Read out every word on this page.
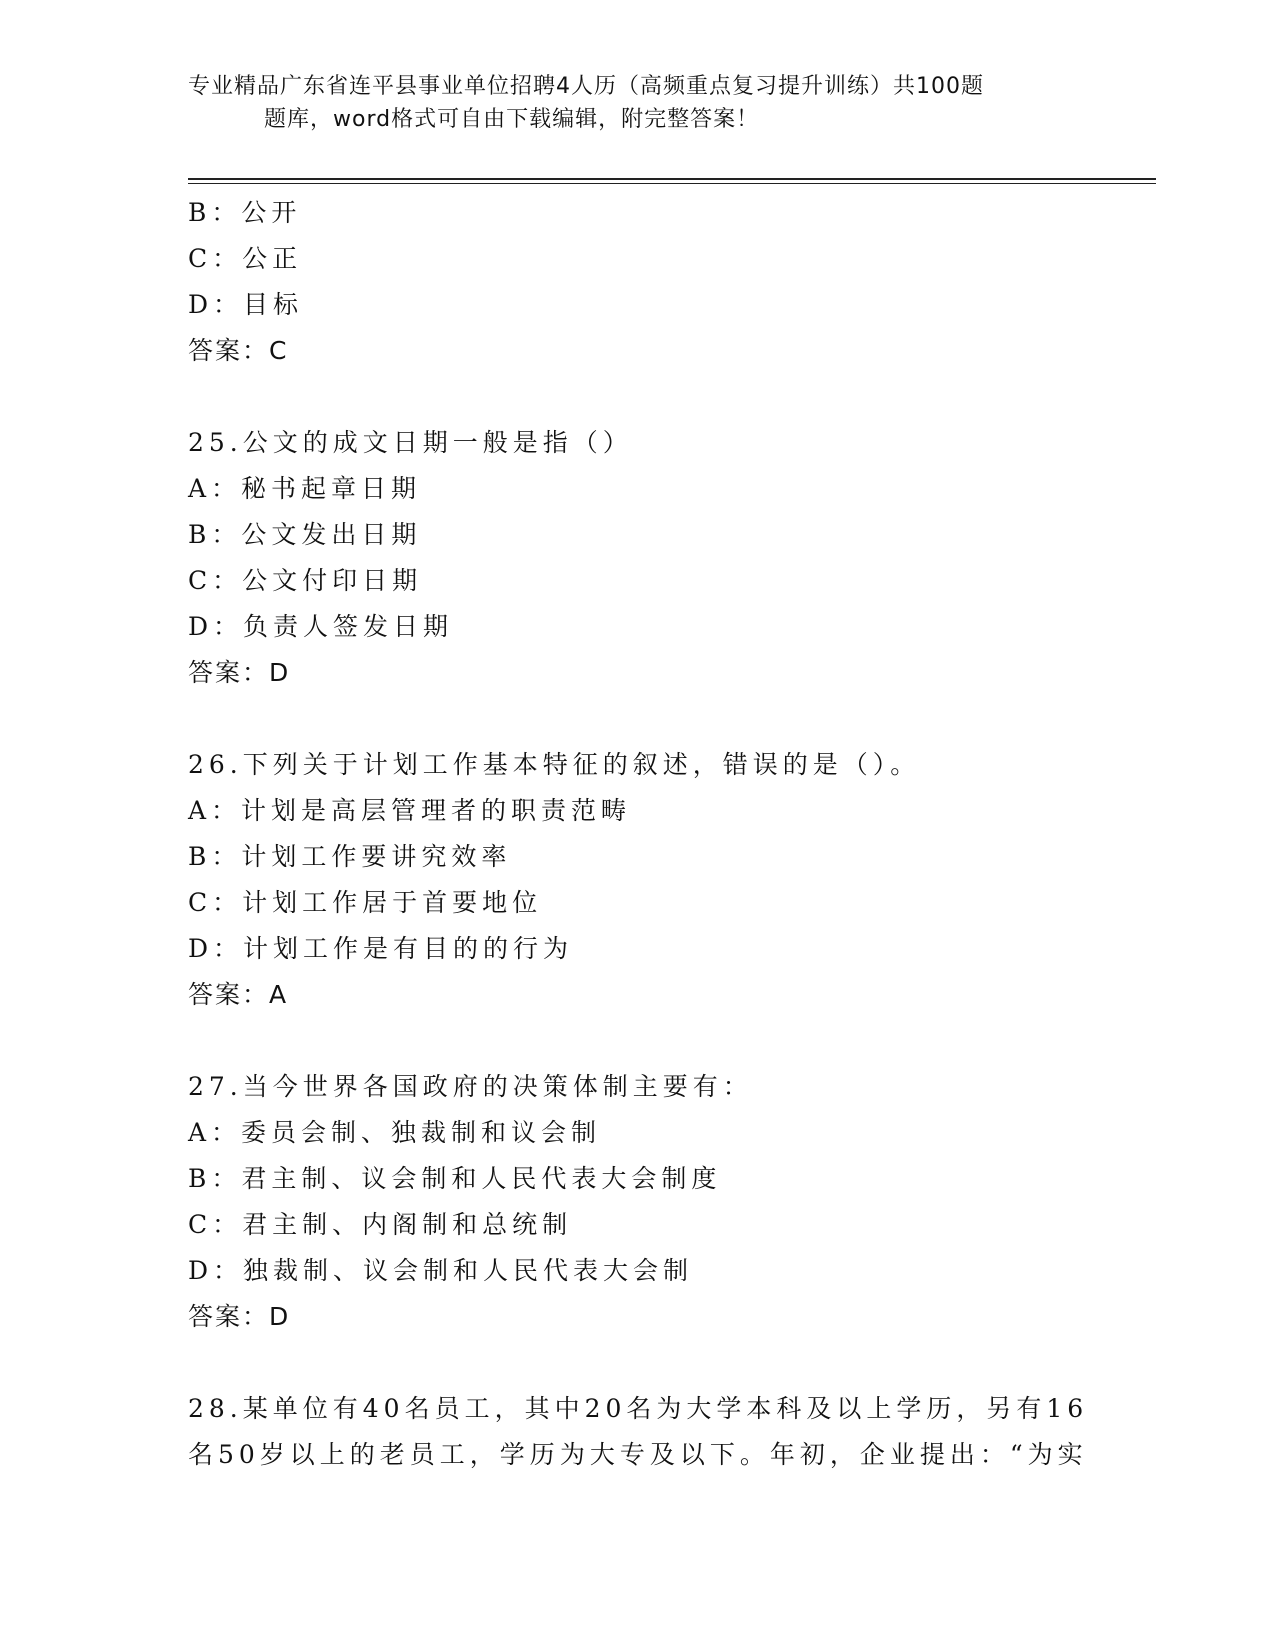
专业精品广东省连平县事业单位招聘4人历（高频重点复习提升训练）共100题
题库，word格式可自由下载编辑，附完整答案！
B：公开
C：公正
D：目标
答案：C
25.公文的成文日期一般是指（）
A：秘书起章日期
B：公文发出日期
C：公文付印日期
D：负责人签发日期
答案：D
26.下列关于计划工作基本特征的叙述，错误的是（）。
A：计划是高层管理者的职责范畴
B：计划工作要讲究效率
C：计划工作居于首要地位
D：计划工作是有目的的行为
答案：A
27.当今世界各国政府的决策体制主要有：
A：委员会制、独裁制和议会制
B：君主制、议会制和人民代表大会制度
C：君主制、内阁制和总统制
D：独裁制、议会制和人民代表大会制
答案：D
28.某单位有40名员工，其中20名为大学本科及以上学历，另有16
名50岁以上的老员工，学历为大专及以下。年初，企业提出：“为实
